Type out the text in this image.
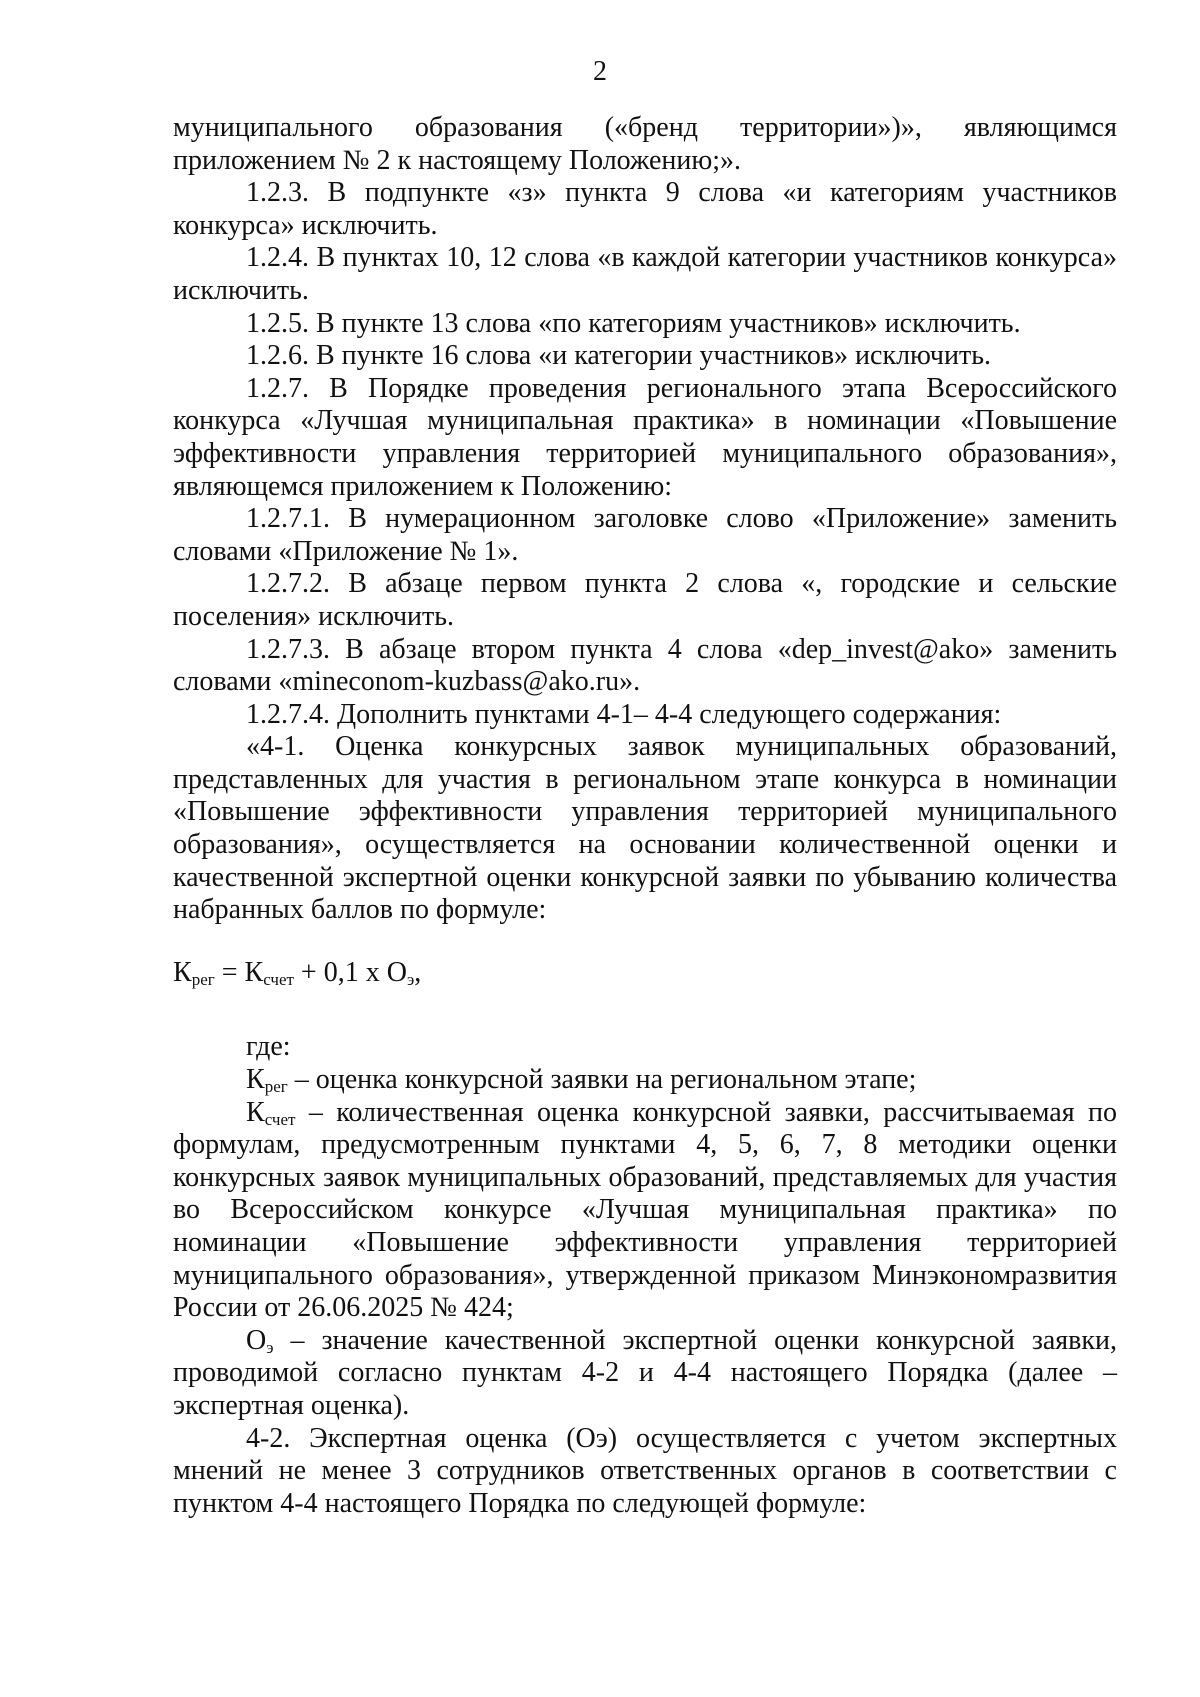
2

муниципального образования («бренд территории»)», являющимся приложением № 2 к настоящему Положению;».

1.2.3. В подпункте «з» пункта 9 слова «и категориям участников конкурса» исключить.

1.2.4. В пунктах 10, 12 слова «в каждой категории участников конкурса» исключить.

1.2.5. В пункте 13 слова «по категориям участников» исключить.

1.2.6. В пункте 16 слова «и категории участников» исключить.

1.2.7. В Порядке проведения регионального этапа Всероссийского конкурса «Лучшая муниципальная практика» в номинации «Повышение эффективности управления территорией муниципального образования», являющемся приложением к Положению:

1.2.7.1. В нумерационном заголовке слово «Приложение» заменить словами «Приложение № 1».

1.2.7.2. В абзаце первом пункта 2 слова «, городские и сельские поселения» исключить.

1.2.7.3. В абзаце втором пункта 4 слова «dep_invest@ako» заменить словами «mineconom-kuzbass@ako.ru».

1.2.7.4. Дополнить пунктами 4-1– 4-4 следующего содержания:

«4-1. Оценка конкурсных заявок муниципальных образований, представленных для участия в региональном этапе конкурса в номинации «Повышение эффективности управления территорией муниципального образования», осуществляется на основании количественной оценки и качественной экспертной оценки конкурсной заявки по убыванию количества набранных баллов по формуле:

$К_{рег} = К_{счет} + 0,1$ х $О_э$,

где:

$К_{рег}$ – оценка конкурсной заявки на региональном этапе;

$К_{счет}$ – количественная оценка конкурсной заявки, рассчитываемая по формулам, предусмотренным пунктами 4, 5, 6, 7, 8 методики оценки конкурсных заявок муниципальных образований, представляемых для участия во Всероссийском конкурсе «Лучшая муниципальная практика» по номинации «Повышение эффективности управления территорией муниципального образования», утвержденной приказом Минэкономразвития России от 26.06.2025 № 424;

$О_э$ – значение качественной экспертной оценки конкурсной заявки, проводимой согласно пунктам 4-2 и 4-4 настоящего Порядка (далее – экспертная оценка).

4-2. Экспертная оценка (Оэ) осуществляется с учетом экспертных мнений не менее 3 сотрудников ответственных органов в соответствии с пунктом 4-4 настоящего Порядка по следующей формуле:
